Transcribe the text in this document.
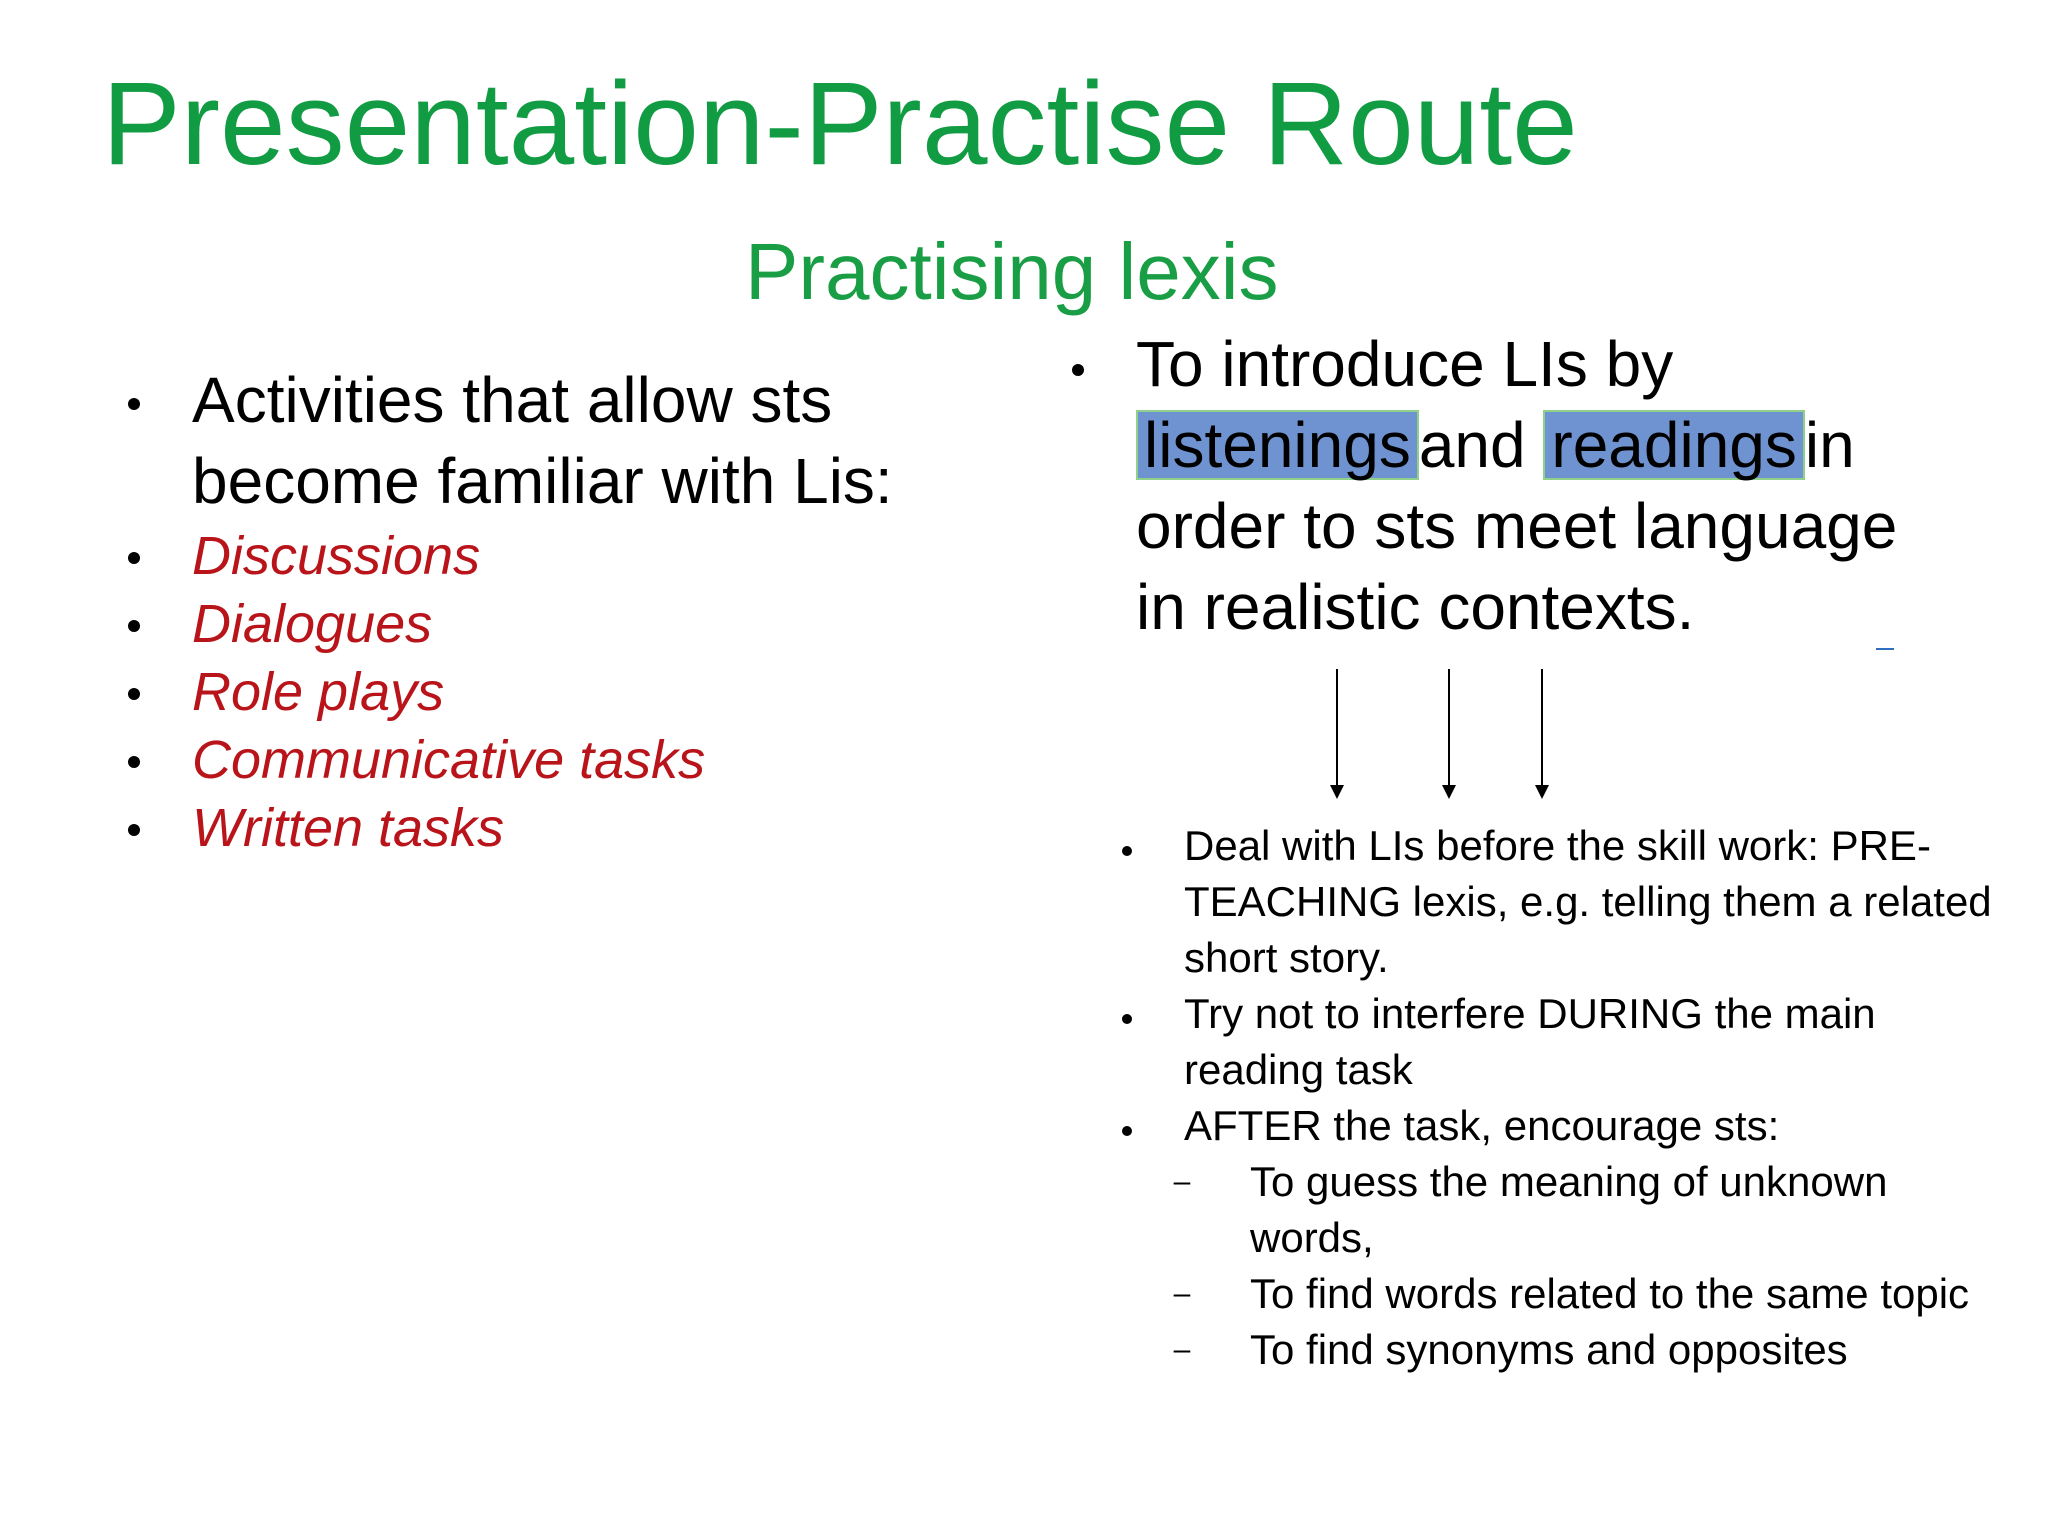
Presentation-Practise Route
Practising lexis
Activities that allow sts
become familiar with Lis:
Discussions
Dialogues
Role plays
Communicative tasks
Written tasks
To introduce LIs by
listenings and readings in
order to sts meet language
in realistic contexts.
Deal with LIs before the skill work: PRE-TEACHING lexis, e.g. telling them a related short story.
Try not to interfere DURING the main reading task
AFTER the task, encourage sts:
– To guess the meaning of unknown words,
– To find words related to the same topic
– To find synonyms and opposites
